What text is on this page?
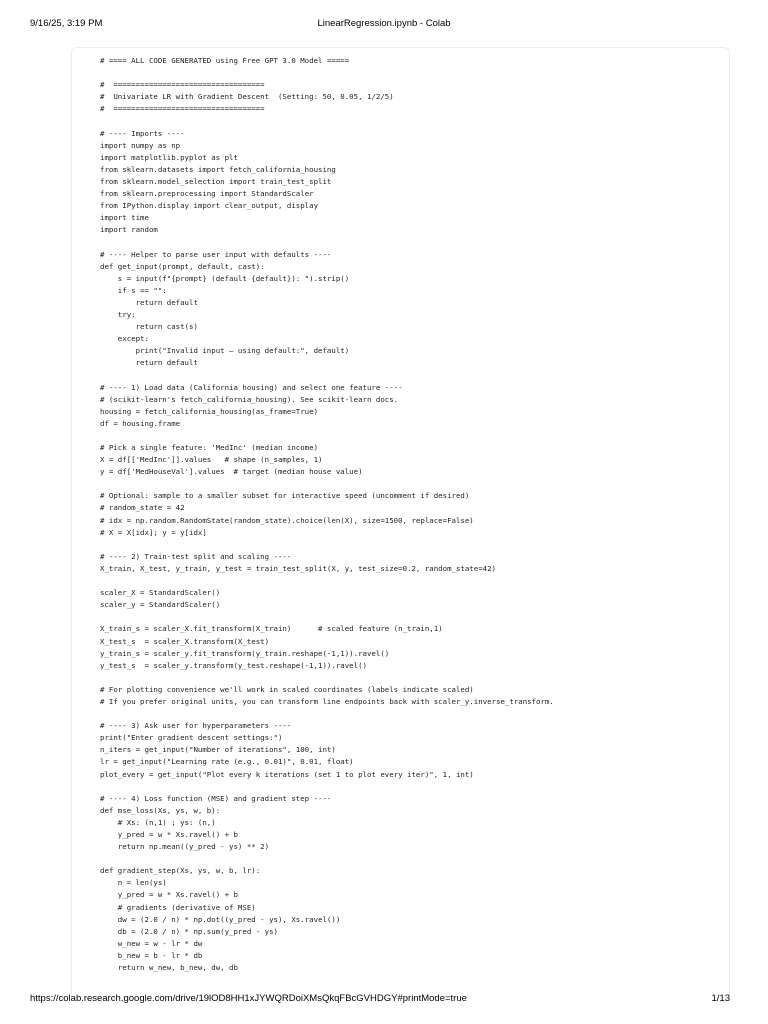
9/16/25, 3:19 PM	LinearRegression.ipynb - Colab
# ==== ALL CODE GENERATED using Free GPT 3.0 Model =====

#  ==================================
#  Univariate LR with Gradient Descent  (Setting: 50, 0.05, 1/2/5)
#  ==================================

# ---- Imports ----
import numpy as np
import matplotlib.pyplot as plt
from sklearn.datasets import fetch_california_housing
from sklearn.model_selection import train_test_split
from sklearn.preprocessing import StandardScaler
from IPython.display import clear_output, display
import time
import random

# ---- Helper to parse user input with defaults ----
def get_input(prompt, default, cast):
s = input(f"{prompt} (default {default}): ").strip()
if s == "":
return default
try:
return cast(s)
except:
print("Invalid input — using default:", default)
return default

# ---- 1) Load data (California housing) and select one feature ----
# (scikit-learn's fetch_california_housing). See scikit-learn docs.
housing = fetch_california_housing(as_frame=True)
df = housing.frame

# Pick a single feature: 'MedInc' (median income)
X = df[['MedInc']].values   # shape (n_samples, 1)
y = df['MedHouseVal'].values  # target (median house value)

# Optional: sample to a smaller subset for interactive speed (uncomment if desired)
# random_state = 42
# idx = np.random.RandomState(random_state).choice(len(X), size=1500, replace=False)
# X = X[idx]; y = y[idx]

# ---- 2) Train-test split and scaling ----
X_train, X_test, y_train, y_test = train_test_split(X, y, test_size=0.2, random_state=42)

scaler_X = StandardScaler()
scaler_y = StandardScaler()

X_train_s = scaler_X.fit_transform(X_train)      # scaled feature (n_train,1)
X_test_s  = scaler_X.transform(X_test)
y_train_s = scaler_y.fit_transform(y_train.reshape(-1,1)).ravel()
y_test_s  = scaler_y.transform(y_test.reshape(-1,1)).ravel()

# For plotting convenience we'll work in scaled coordinates (labels indicate scaled)
# If you prefer original units, you can transform line endpoints back with scaler_y.inverse_transform.

# ---- 3) Ask user for hyperparameters ----
print("Enter gradient descent settings:")
n_iters = get_input("Number of iterations", 100, int)
lr = get_input("Learning rate (e.g., 0.01)", 0.01, float)
plot_every = get_input("Plot every k iterations (set 1 to plot every iter)", 1, int)

# ---- 4) Loss function (MSE) and gradient step ----
def mse_loss(Xs, ys, w, b):
# Xs: (n,1) ; ys: (n,)
y_pred = w * Xs.ravel() + b
return np.mean((y_pred - ys) ** 2)

def gradient_step(Xs, ys, w, b, lr):
n = len(ys)
y_pred = w * Xs.ravel() + b
# gradients (derivative of MSE)
dw = (2.0 / n) * np.dot((y_pred - ys), Xs.ravel())
db = (2.0 / n) * np.sum(y_pred - ys)
w_new = w - lr * dw
b_new = b - lr * db
return w_new, b_new, dw, db
https://colab.research.google.com/drive/19lOD8HH1xJYWQRDoiXMsQkqFBcGVHDGY#printMode=true	1/13
